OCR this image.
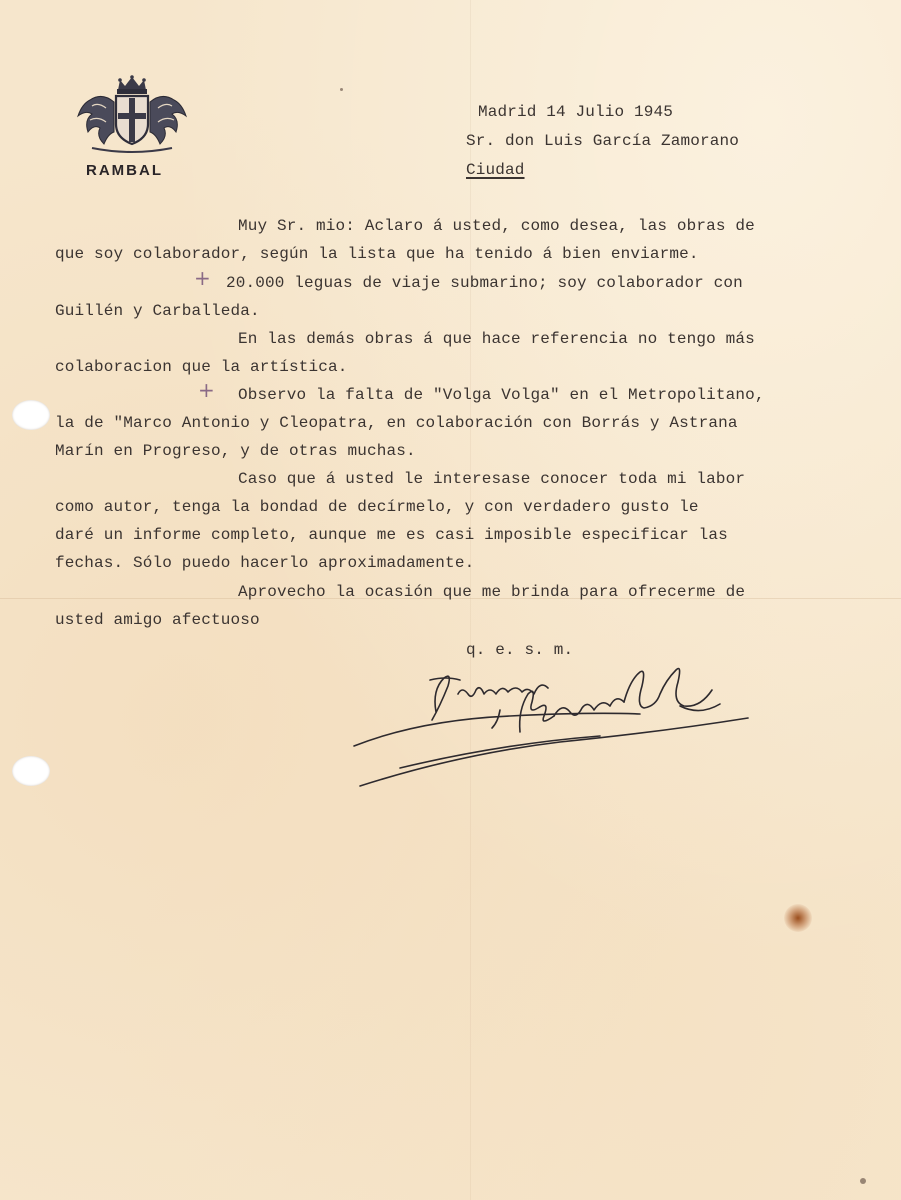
RAMBAL
Madrid 14 Julio 1945
Sr. don Luis García Zamorano
Ciudad
Muy Sr. mio: Aclaro á usted, como desea, las obras de
que soy colaborador, según la lista que ha tenido á bien enviarme.
+ 20.000 leguas de viaje submarino; soy colaborador con
Guillén y Carballeda.
En las demás obras á que hace referencia no tengo más
colaboracion que la artística.
+ Observo la falta de "Volga Volga" en el Metropolitano,
la de "Marco Antonio y Cleopatra, en colaboración con Borrás y Astrana
Marín en Progreso, y de otras muchas.
Caso que á usted le interesase conocer toda mi labor
como autor, tenga la bondad de decírmelo, y con verdadero gusto le
daré un informe completo, aunque me es casi imposible especificar las
fechas. Sólo puedo hacerlo aproximadamente.
Aprovecho la ocasión que me brinda para ofrecerme de
usted amigo afectuoso
q. e. s. m.
